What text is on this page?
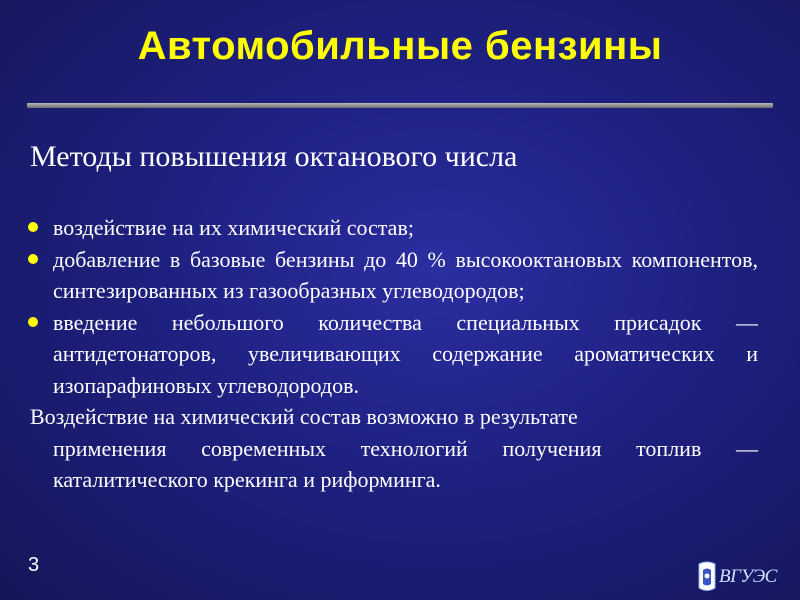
Автомобильные бензины
Методы повышения октанового числа
воздействие на их химический состав;
добавление в базовые бензины до 40 % высокооктановых компонентов, синтезированных из газообразных углеводородов;
введение небольшого количества специальных присадок — антидетонаторов, увеличивающих содержание ароматических и изопарафиновых углеводородов.

Воздействие на химический состав возможно в результате
применения современных технологий получения топлив — каталитического крекинга и риформинга.

3
ВГУЭС
